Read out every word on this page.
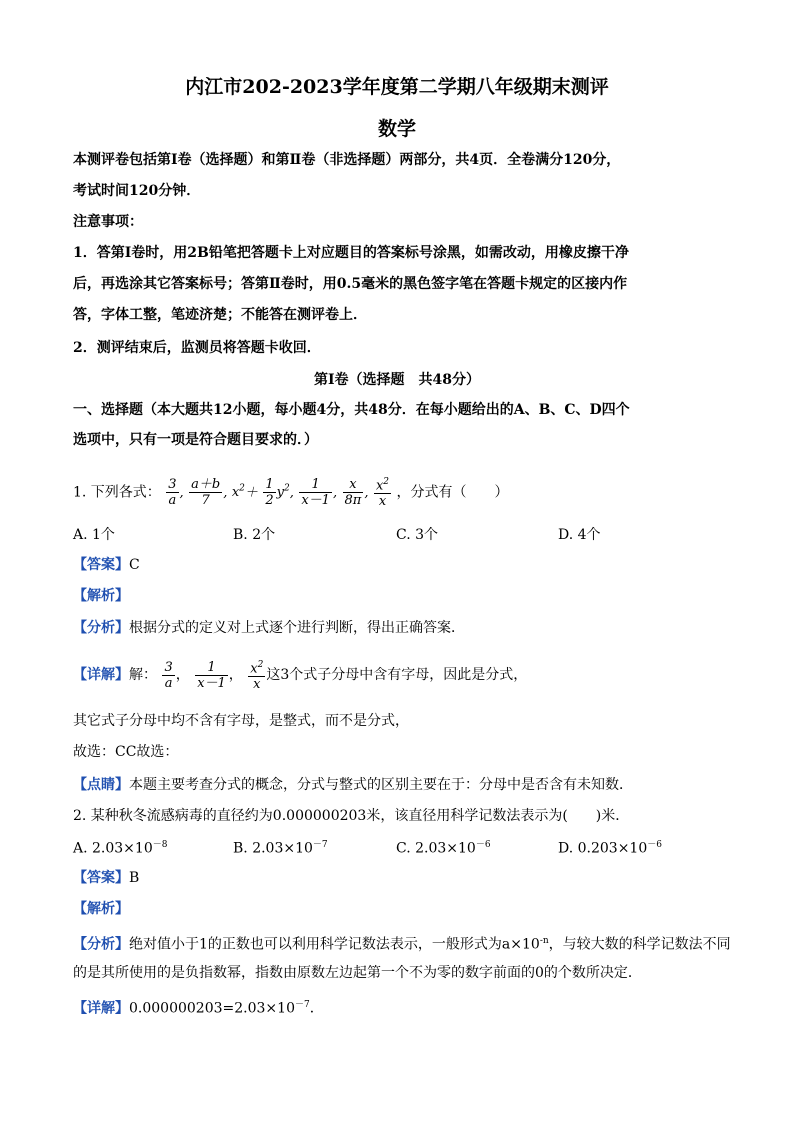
内江市202-2023学年度第二学期八年级期末测评
数学
本测评卷包括第Ⅰ卷（选择题）和第Ⅱ卷（非选择题）两部分，共4页．全卷满分120分，
考试时间120分钟．
注意事项：
1．答第Ⅰ卷时，用2B铅笔把答题卡上对应题目的答案标号涂黑，如需改动，用橡皮擦干净
后，再选涂其它答案标号；答第Ⅱ卷时，用0.5毫米的黑色签字笔在答题卡规定的区接内作
答，字体工整，笔迹济楚；不能答在测评卷上．
2．测评结束后，监测员将答题卡收回．
第Ⅰ卷（选择题　共48分）
一、选择题（本大题共12小题，每小题4分，共48分．在每小题给出的A、B、C、D四个
选项中，只有一项是符合题目要求的．）
1. 下列各式： $\frac{3}{a}$ , $\frac{a+b}{7}$ , $x^2+ \frac{1}{2} y^2$, $\frac{1}{x-1}$ , $\frac{x}{8\pi}$ , $\frac{x^2}{x}$ ，分式有（　　）
A. 1个	B. 2个	C. 3个	D. 4个
【答案】C
【解析】
【分析】根据分式的定义对上式逐个进行判断，得出正确答案．
【详解】解： $\frac{3}{a}$ ， $\frac{1}{x-1}$ ， $\frac{x^2}{x}$ 这3个式子分母中含有字母，因此是分式，
其它式子分母中均不含有字母，是整式，而不是分式，
故选：CC故选：
【点睛】本题主要考查分式的概念，分式与整式的区别主要在于：分母中是否含有未知数．
2. 某种秋冬流感病毒的直径约为0.000000203米，该直径用科学记数法表示为(　　)米．
A. $2.03\times 10^{-8}$	B. $2.03\times 10^{-7}$	C. $2.03\times 10^{-6}$	D. $0.203\times 10^{-6}$
【答案】B
【解析】
【分析】绝对值小于1的正数也可以利用科学记数法表示，一般形式为$a\times 10^{-n}$，与较大数的科学记数法不同
的是其所使用的是负指数幂，指数由原数左边起第一个不为零的数字前面的0的个数所决定．
【详解】$0.000000203=2.03\times 10^{-7}$．
